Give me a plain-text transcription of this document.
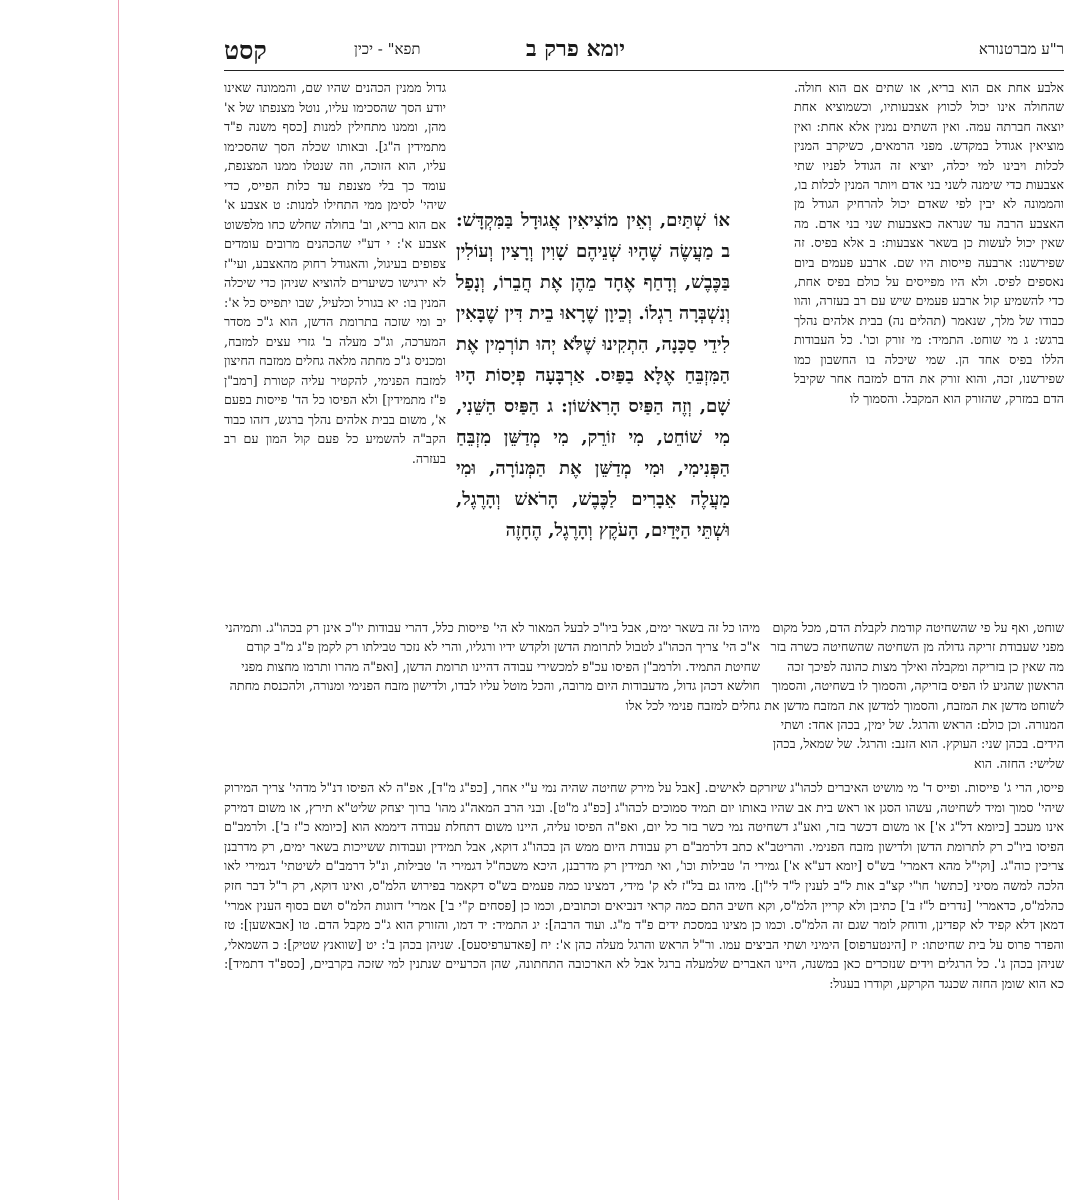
ר"ע מברטנורא
יומא פרק ב
תפא" - יכין
קסט

אלבע אחת אם הוא בריא, או שתים אם הוא חולה. שהחולה אינו יכול לכווץ אצבעותיו, וכשמוציא אחת יוצאה חברתה עמה. ואין השתים נמנין אלא אחת: ואין מוציאין אגודל במקדש. מפני הרמאים, כשיקרב המנין לכלות ויבינו למי יכלה, יוציא זה הגודל לפניו שתי אצבעות כדי שימנה לשני בני אדם ויותר המנין לכלות בו, והממונה לא יבין לפי שאדם יכול להרחיק הגודל מן האצבע הרבה עד שנראה כאצבעות שני בני אדם. מה שאין יכול לעשות כן בשאר אצבעות: ב אלא בפיס. זה שפירשנו: ארבעה פייסות היו שם. ארבע פעמים ביום נאספים לפיס. ולא היו מפייסים על כולם בפיס אחת, כדי להשמיע קול ארבע פעמים שיש עם רב בעזרה, והוו כבודו של מלך, שנאמר (תהלים נה) בבית אלהים נהלך ברגש: ג מי שוחט. התמיד: מי זורק וכו'. כל העבודות הללו בפיס אחד הן. שמי שיכלה בו החשבון כמו שפירשנו, זכה, והוא זורק את הדם למזבח אחר שקיבל הדם במזרק, שהזורק הוא המקבל. והסמוך לו

אוֹ שְׁתַּיִם, וְאֵין מוֹצִיאִין אֲגוּדָל בַּמִּקְדָּשׁ: ב מַעֲשֶׂה שֶׁהָיוּ שְׁנֵיהֶם שָׁוִין וְרָצִין וְעוֹלִין בַּכֶּבֶשׁ, וְדָחַף אֶחָד מֵהֶן אֶת חֲבֵרוֹ, וְנָפַל וְנִשְׁבְּרָה רַגְלוֹ. וְכֵיוָן שֶׁרָאוּ בֵית דִּין שֶׁבָּאִין לִידֵי סַכָּנָה, הִתְקִינוּ שֶׁלֹּא יְהוּ תוֹרְמִין אֶת הַמִּזְבֵּחַ אֶלָּא בַפַּיִס. אַרְבָּעָה פְיָסוֹת הָיוּ שָׁם, וְזֶה הַפַּיִס הָרִאשׁוֹן: ג הַפַּיִס הַשֵּׁנִי, מִי שׁוֹחֵט, מִי זוֹרֵק, מִי מְדַשֵּׁן מִזְבֵּחַ הַפְּנִימִי, וּמִי מְדַשֵּׁן אֶת הַמְּנוֹרָה, וּמִי מַעֲלֶה אֵבָרִים לַכֶּבֶשׁ, הָרֹאשׁ וְהָרֶגֶל, וּשְׁתֵּי הַיָּדַיִם, הָעֹקֶץ וְהָרֶגֶל, הֶחָזֶה

גדול ממנין הכהנים שהיו שם, והממונה שאינו יודע הסך שהסכימו עליו, נוטל מצנפתו של א' מהן, וממנו מתחילין למנות [כסף משנה פ"ד מתמידין ה"ג]. ובאותו שכלה הסך שהסכימו עליו, הוא הזוכה, וזה שנטלו ממנו המצנפת, עומד כך בלי מצנפת עד כלות הפייס, כדי שיהי' לסימן ממי התחילו למנות: ט אצבע א' אם הוא בריא, וב' בחולה שחלש כחו מלפשוט אצבע א': י דע"י שהכהנים מרובים עומדים צפופים בעיגול, והאגודל רחוק מהאצבע, ועי"ז לא ירגישו כשיערים להוציא שניהן כדי שיכלה המנין בו: יא בגורל וכלעיל, שבו יתפייס כל א': יב ומי שזכה בתרומת הדשן, הוא ג"כ מסדר המערכה, וג"כ מעלה ב' גזרי עצים למזבח, ומכניס ג"כ מחתה מלאה גחלים ממזבח החיצון למזבח הפנימי, להקטיר עליה קטורת [רמב"ן פ"ז מתמידין] ולא הפיסו כל הד' פייסות בפעם א', משום בבית אלהים נהלך ברגש, דזהו כבוד הקב"ה להשמיע כל פעם קול המון עם רב בעזרה.

שוחט, ואף על פי שהשחיטה קודמת לקבלת הדם, מכל מקום מפני שעבודת זריקה גדולה מן השחיטה שהשחיטה כשרה בזר מה שאין כן בזריקה ומקבלה ואילך מצות כהונה לפיכך זכה הראשון שהגיע לו הפיס בזריקה, והסמוך לו בשחיטה, והסמוך לשוחט מדשן את המזבח, והסמוך למדשן את המזבח מדשן את המנורה. וכן כולם: הראש והרגל. של ימין, בכהן אחד: ושתי הידים. בכהן שני: העוקץ. הוא הזנב: והרגל. של שמאל, בכהן שלישי: החזה. הוא

מיהו כל זה בשאר ימים, אבל ביו"כ לבעל המאור לא הי' פייסות כלל, דהרי עבודות יו"כ אינן רק בכהו"ג. ותמיהני א"כ הי' צריך הכהו"ג לטבול לתרומת הדשן ולקדש ידיו ורגליו, והרי לא נזכר טבילתו רק לקמן פ"ג מ"ב קודם שחיטת התמיד. ולרמב"ן הפיסו עכ"פ למכשירי עבודה דהיינו תרומת הדשן, [ואפ"ה מהרו ותרמו מחצות מפני חולשא דכהן גדול, מדעבודות היום מרובה, והכל מוטל עליו לבדו, ולדישון מזבח הפנימי ומנורה, ולהכנסת מחתה גחלים למזבח פנימי לכל אלו

פייסו, הרי ג' פייסות. ופייס ד' מי מושיט האיברים לכהו"ג שיזרקם לאישים. [אבל על מירק שחיטה שהיה נמי ע"י אחר, [כפ"ג מ"ד], אפ"ה לא הפיסו דנ"ל מדהי' צריך המירוק שיהי' סמוך ומיד לשחיטה, עשהו הסגן או ראש בית אב שהיו באותו יום תמיד סמוכים לכהו"ג [כפ"ג מ"ט]. ובני הרב המאה"ג מהו' ברוך יצחק שליט"א תירץ, או משום דמירק אינו מעכב [כיומא דל"ג א'] או משום דכשר בזר, ואע"ג דשחיטה נמי כשר בזר כל יום, ואפ"ה הפיסו עליה, היינו משום דתחלת עבודה דיממא הוא [כיומא כ"ז ב']. ולרמב"ם הפיסו ביו"כ רק לתרומת הדשן ולדישון מזבח הפנימי. והריטב"א כתב דלרמב"ם רק עבודת היום ממש הן בכהו"ג דוקא, אבל תמידין ועבודות ששייכות בשאר ימים, רק מדרבנן צריכין כוה"ג. [וקי"ל מהא דאמרי' בש"ס [יומא דע"א א'] גמירי ה' טבילות וכו', ואי תמידין רק מדרבנן, היכא משכח"ל דגמירי ה' טבילות, ונ"ל דרמב"ם לשיטתי' דגמירי לאו הלכה למשה מסיני [כתשו' חו"י קצ"ב אות ל"ב לענין ל"ד לי"ן]. מיהו גם בל"ז לא ק' מידי, דמצינו כמה פעמים בש"ס דקאמר בפירוש הלמ"ס, ואינו דוקא, רק ר"ל דבר חזק כהלמ"ס, כדאמרי' [נדרים ל"ז ב'] כתיבן ולא קריין הלמ"ס, וקא חשיב התם כמה קראי דנביאים וכתובים, וכמו כן [פסחים ק"י ב'] אמרי' דזוגות הלמ"ס ושם בסוף הענין אמרי' דמאן דלא קפיד לא קפדינן, ודוחק לומר שגם זה הלמ"ס. וכמו כן מצינו במסכת ידים פ"ד מ"ג. ועוד הרבה]: יג התמיד: יד דמו, והזורק הוא ג"כ מקבל הדם. טו [אבאשען]: טז והפדר פרוס על בית שחיטתו: יז [הינטערפוס] הימיני ושתי הביצים עמו. ור"ל הראש והרגל מעלה כהן א': יח [פאדערפיסעס]. שניהן בכהן ב': יט [שוואנץ שטיק]: כ השמאלי, שניהן בכהן ג'. כל הרגלים וידים שנזכרים כאן במשנה, היינו האברים שלמעלה ברגל אבל לא הארכובה התחתונה, שהן הכרעיים שנתנין למי שזכה בקרביים, [כספ"ד דתמיד]: כא הוא שומן החזה שכנגד הקרקע, וקודרו בעגול:
